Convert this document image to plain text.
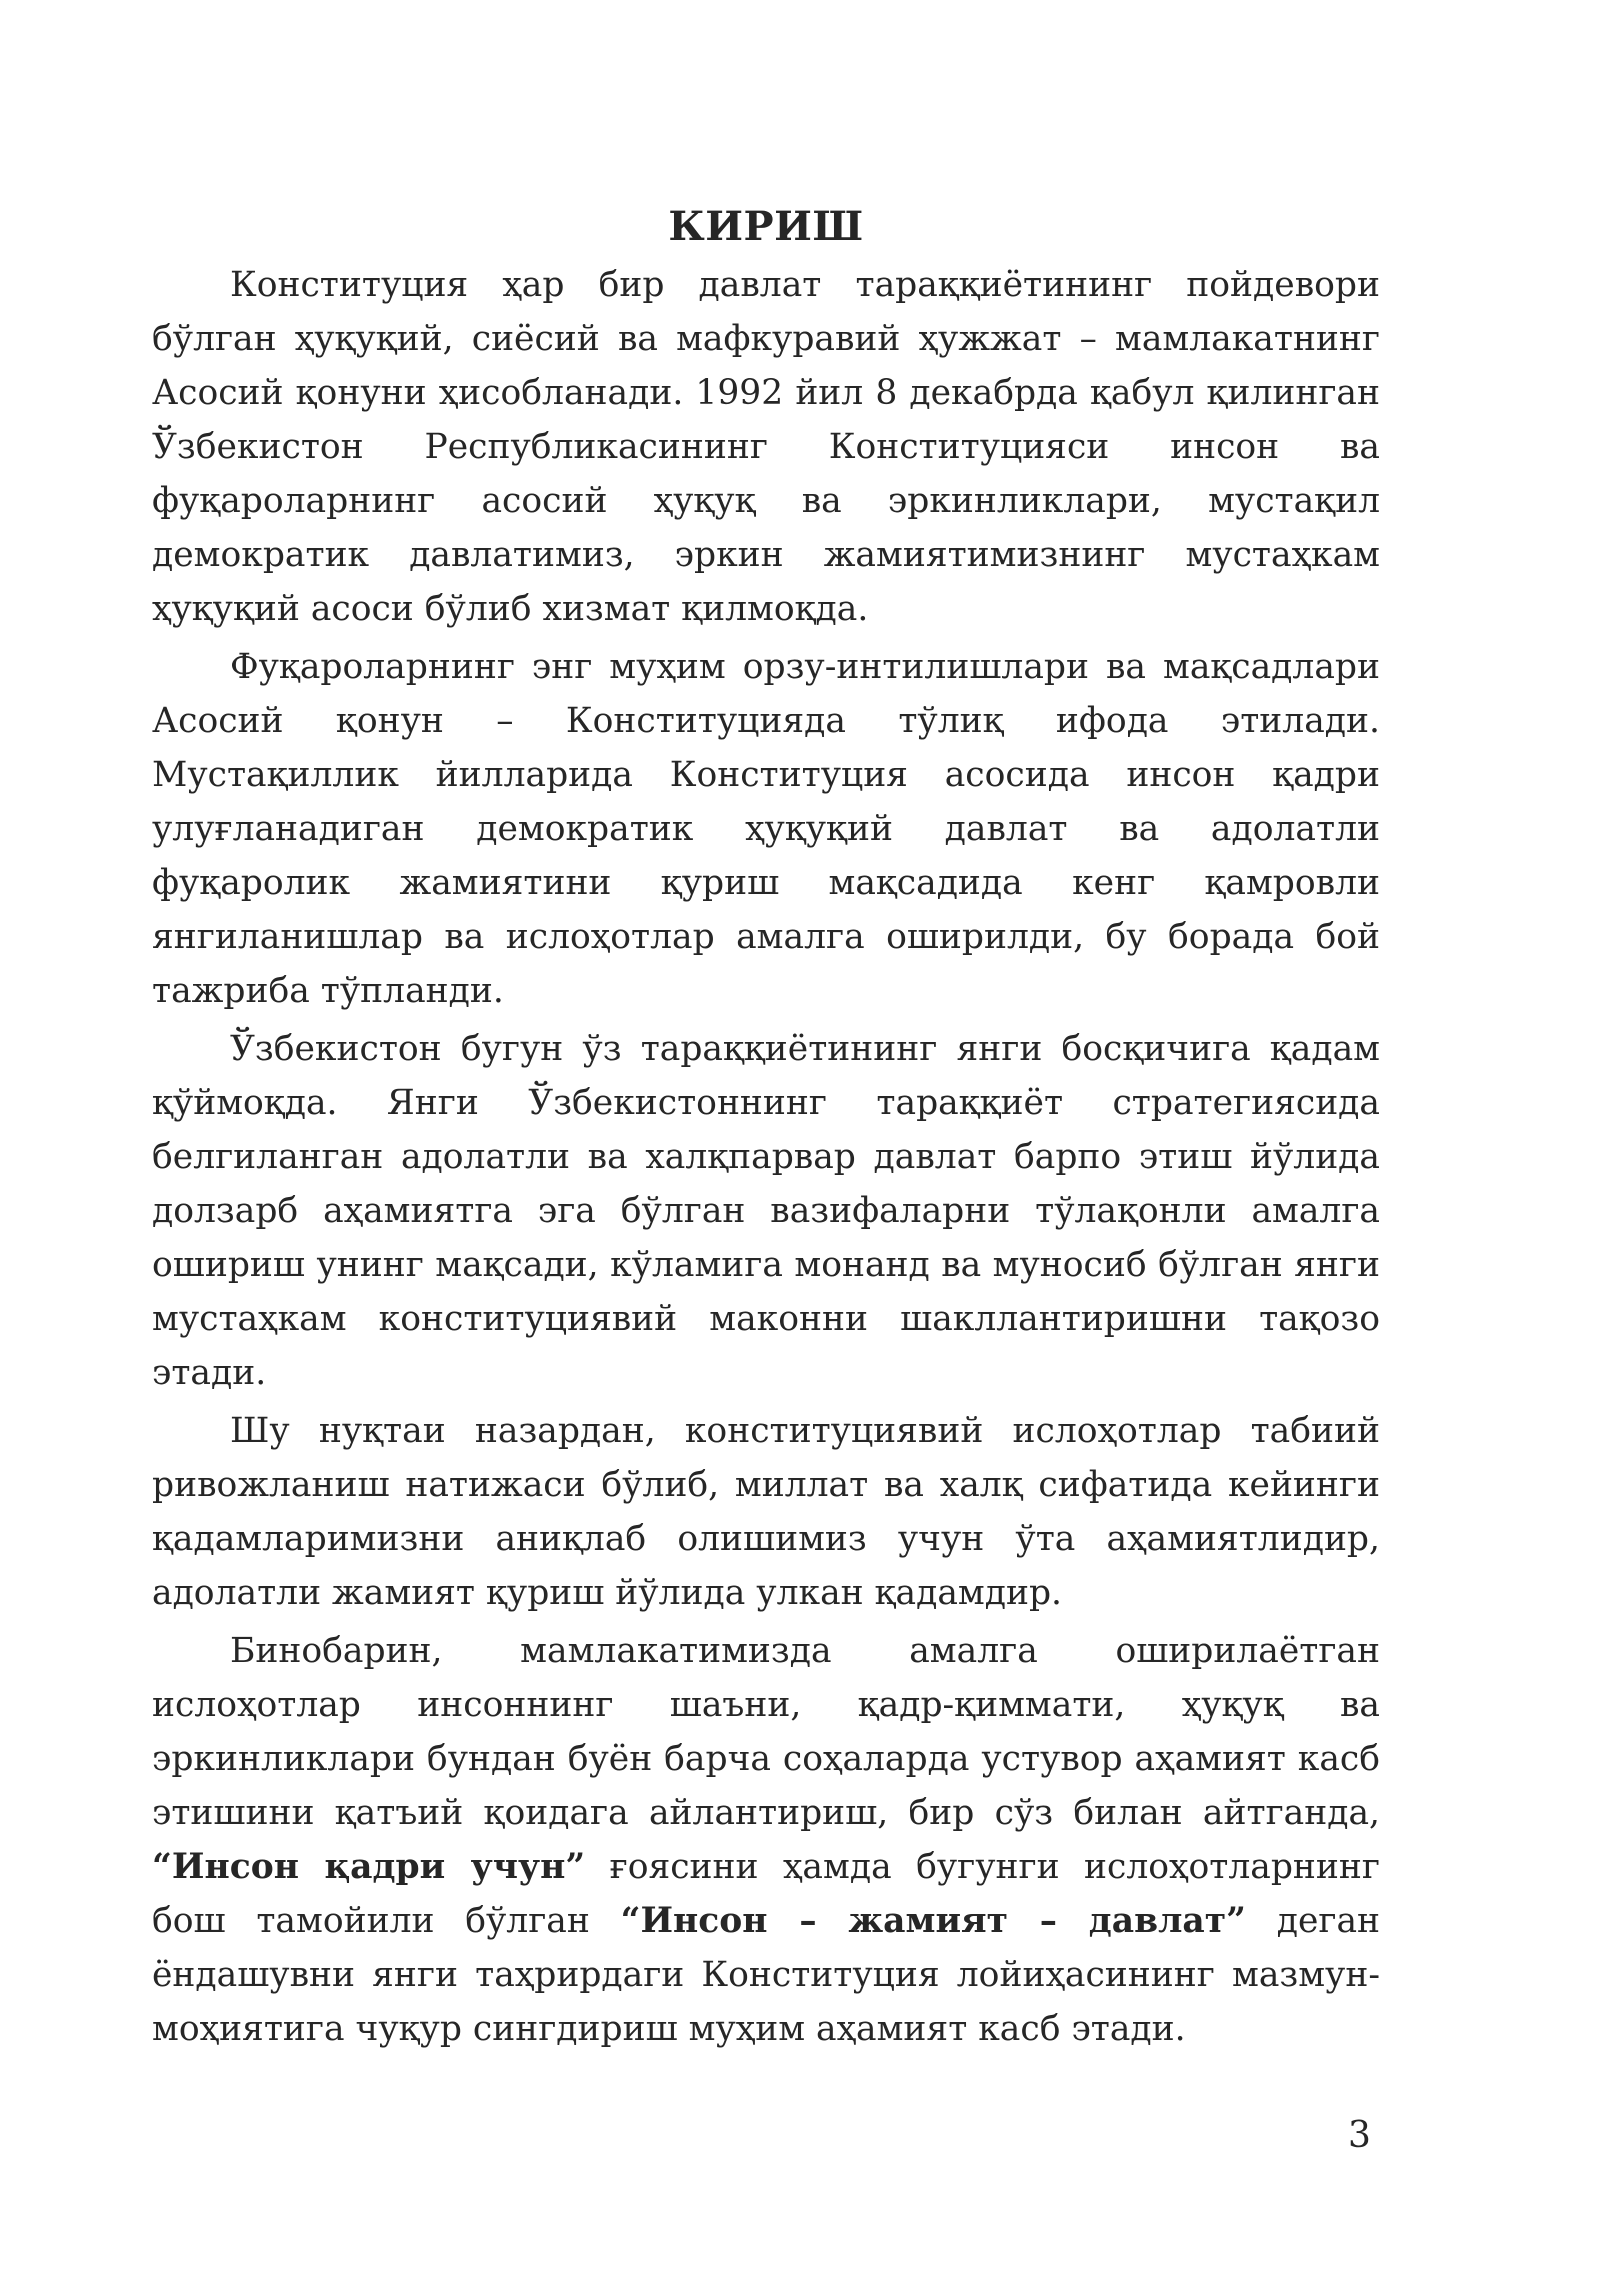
КИРИШ

Конституция ҳар бир давлат тараққиётининг пойдевори бўлган ҳуқуқий, сиёсий ва мафкуравий ҳужжат – мамлакатнинг Асосий қонуни ҳисобланади. 1992 йил 8 декабрда қабул қилинган Ўзбекистон Республикасининг Конституцияси инсон ва фуқароларнинг асосий ҳуқуқ ва эркинликлари, мустақил демократик давлатимиз, эркин жамиятимизнинг мустаҳкам ҳуқуқий асоси бўлиб хизмат қилмоқда.

Фуқароларнинг энг муҳим орзу-интилишлари ва мақсадлари Асосий қонун – Конституцияда тўлиқ ифода этилади. Мустақиллик йилларида Конституция асосида инсон қадри улуғланадиган демократик ҳуқуқий давлат ва адолатли фуқаролик жамиятини қуриш мақсадида кенг қамровли янгиланишлар ва ислоҳотлар амалга оширилди, бу борада бой тажриба тўпланди.

Ўзбекистон бугун ўз тараққиётининг янги босқичига қадам қўймоқда. Янги Ўзбекистоннинг тараққиёт стратегиясида белгиланган адолатли ва халқпарвар давлат барпо этиш йўлида долзарб аҳамиятга эга бўлган вазифаларни тўлақонли амалга ошириш унинг мақсади, кўламига монанд ва муносиб бўлган янги мустаҳкам конституциявий маконни шакллантиришни тақозо этади.

Шу нуқтаи назардан, конституциявий ислоҳотлар табиий ривожланиш натижаси бўлиб, миллат ва халқ сифатида кейинги қадамларимизни аниқлаб олишимиз учун ўта аҳамиятлидир, адолатли жамият қуриш йўлида улкан қадамдир.

Бинобарин, мамлакатимизда амалга оширилаётган ислоҳотлар инсоннинг шаъни, қадр-қиммати, ҳуқуқ ва эркинликлари бундан буён барча соҳаларда устувор аҳамият касб этишини қатъий қоидага айлантириш, бир сўз билан айтганда, “Инсон қадри учун” ғоясини ҳамда бугунги ислоҳотларнинг бош тамойили бўлган “Инсон – жамият – давлат” деган ёндашувни янги таҳрирдаги Конституция лойиҳасининг мазмун-моҳиятига чуқур сингдириш муҳим аҳамият касб этади.

3
